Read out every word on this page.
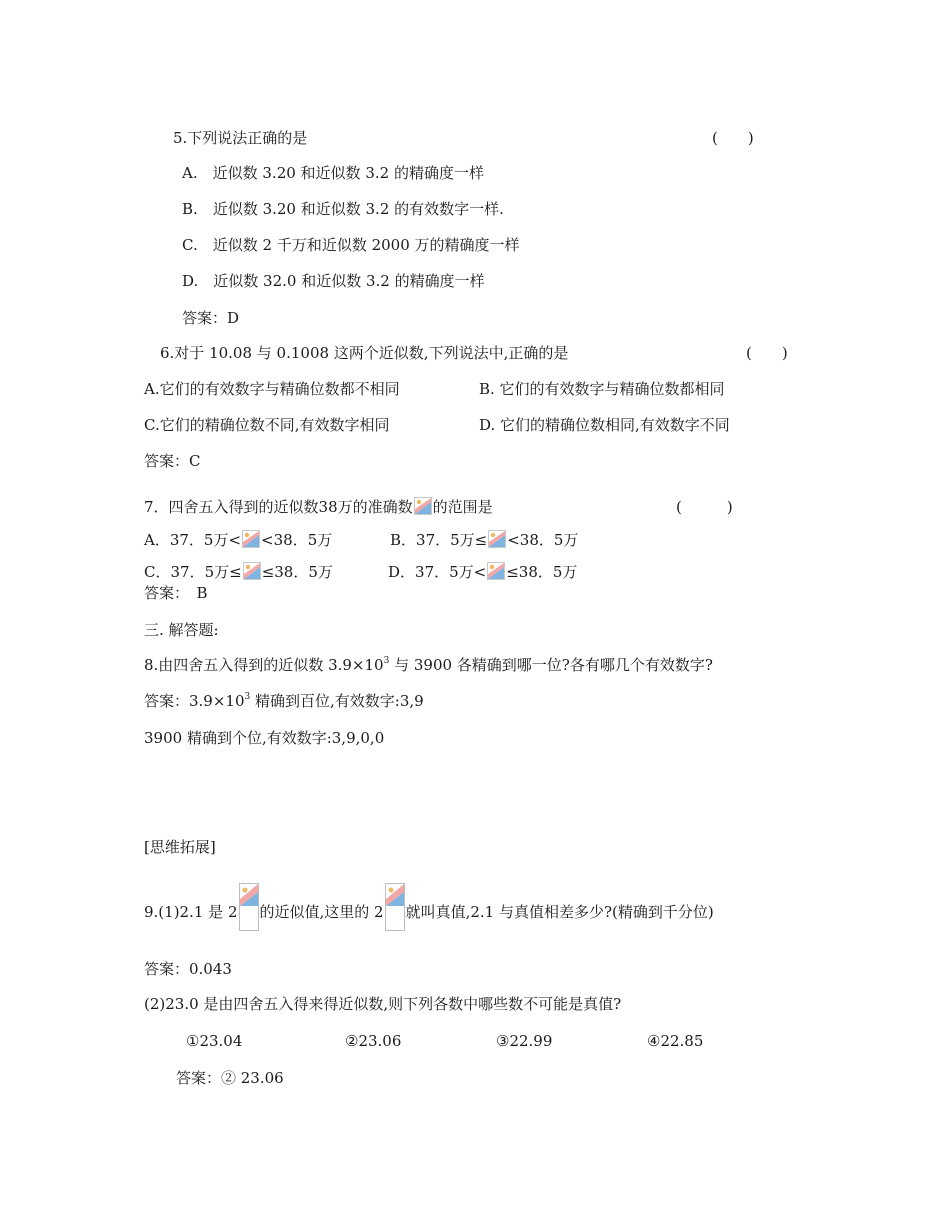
5.下列说法正确的是	(　　)
A.　 近似数 3.20 和近似数 3.2 的精确度一样
B.　 近似数 3.20 和近似数 3.2 的有效数字一样.
C.　 近似数 2 千万和近似数 2000 万的精确度一样
D.　 近似数 32.0 和近似数 3.2 的精确度一样
答案：D
6.对于 10.08 与 0.1008 这两个近似数,下列说法中,正确的是	(　　)
A.它们的有效数字与精确位数都不相同	B. 它们的有效数字与精确位数都相同
C.它们的精确位数不同,有效数字相同	D. 它们的精确位数相同,有效数字不同
答案：C
7．四舍五入得到的近似数38万的准确数 的范围是	(　　　)
A．37．5万< <38．5万	B．37．5万≤ <38．5万
C．37．5万≤ ≤38．5万	D．37．5万< ≤38．5万
答案：　B
三. 解答题:
8.由四舍五入得到的近似数 $3.9\times 10^3$ 与 3900 各精确到哪一位?各有哪几个有效数字?
答案：$3.9\times 10^3$ 精确到百位,有效数字:3,9
3900 精确到个位,有效数字:3,9,0,0
[思维拓展]
9.(1)2.1 是 2 的近似值,这里的 2 就叫真值,2.1 与真值相差多少?(精确到千分位)
答案：0.043
(2)23.0 是由四舍五入得来得近似数,则下列各数中哪些数不可能是真值?
①23.04	②23.06	③22.99	④22.85
答案：② 23.06
